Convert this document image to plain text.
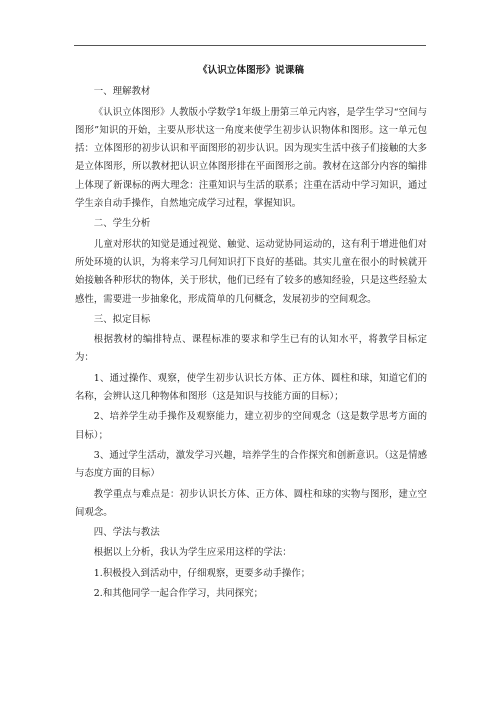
《认识立体图形》说课稿
一、理解教材
《认识立体图形》人教版小学数学1年级上册第三单元内容，是学生学习“空间与图形”知识的开始，主要从形状这一角度来使学生初步认识物体和图形。这一单元包括：立体图形的初步认识和平面图形的初步认识。因为现实生活中孩子们接触的大多是立体图形，所以教材把认识立体图形排在平面图形之前。教材在这部分内容的编排上体现了新课标的两大理念：注重知识与生活的联系；注重在活动中学习知识，通过学生亲自动手操作，自然地完成学习过程，掌握知识。
二、学生分析
儿童对形状的知觉是通过视觉、触觉、运动觉协同运动的，这有利于增进他们对所处环境的认识，为将来学习几何知识打下良好的基础。其实儿童在很小的时候就开始接触各种形状的物体，关于形状，他们已经有了较多的感知经验，只是这些经验太感性，需要进一步抽象化，形成简单的几何概念，发展初步的空间观念。
三、拟定目标
根据教材的编排特点、课程标准的要求和学生已有的认知水平，将教学目标定为：
1、通过操作、观察，使学生初步认识长方体、正方体、圆柱和球，知道它们的名称，会辨认这几种物体和图形（这是知识与技能方面的目标）；
2、培养学生动手操作及观察能力，建立初步的空间观念（这是数学思考方面的目标）；
3、通过学生活动，激发学习兴趣，培养学生的合作探究和创新意识。（这是情感与态度方面的目标）
教学重点与难点是：初步认识长方体、正方体、圆柱和球的实物与图形，建立空间观念。
四、学法与教法
根据以上分析，我认为学生应采用这样的学法：
1.积极投入到活动中，仔细观察，更要多动手操作；
2.和其他同学一起合作学习，共同探究；
